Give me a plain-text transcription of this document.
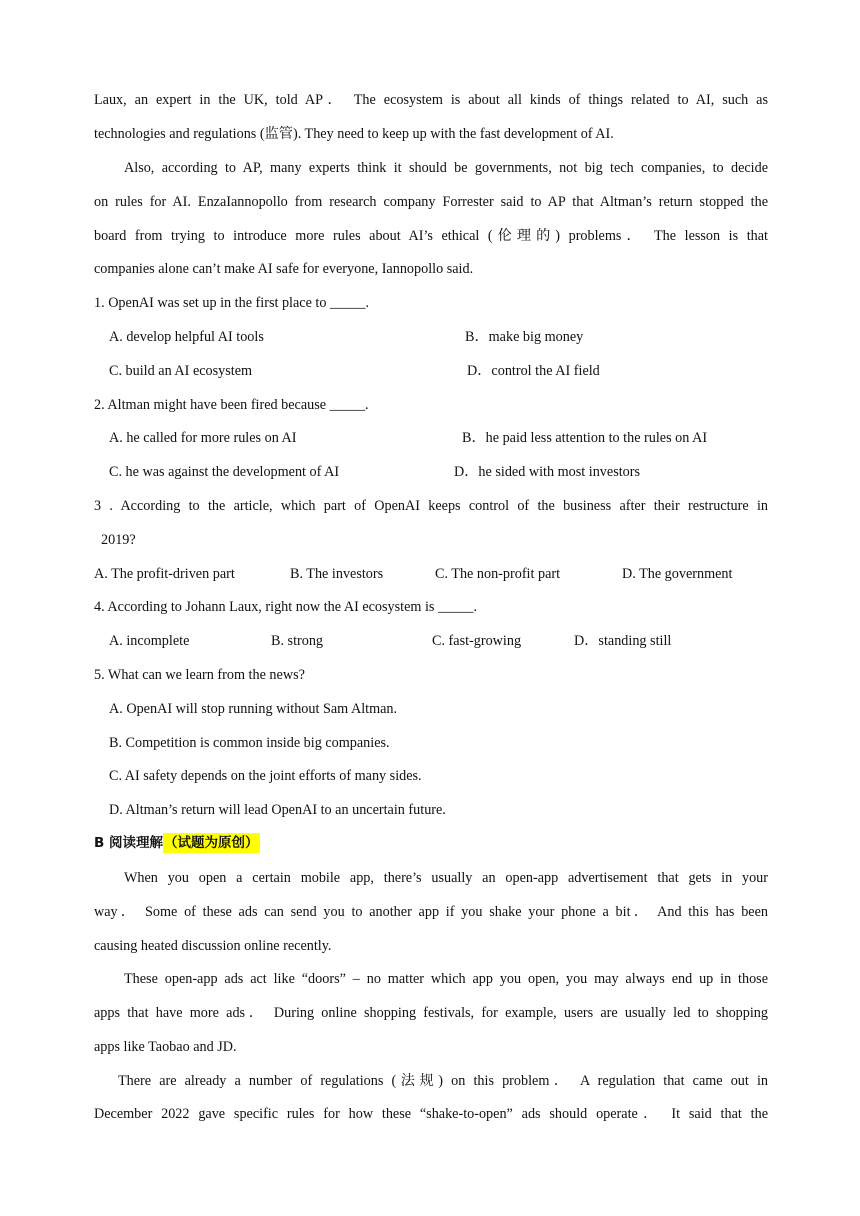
Laux, an expert in the UK, told AP． The ecosystem is about all kinds of things related to AI, such as
technologies and regulations (监管). They need to keep up with the fast development of AI.
Also, according to AP, many experts think it should be governments, not big tech companies, to decide
on rules for AI. EnzaIannopollo from research company Forrester said to AP that Altman’s return stopped the
board from trying to introduce more rules about AI’s ethical (伦理的) problems． The lesson is that
companies alone can’t make AI safe for everyone, Iannopollo said.
1. OpenAI was set up in the first place to _____.
A. develop helpful AI tools	B．make big money
C. build an AI ecosystem	D．control the AI field
2. Altman might have been fired because _____.
A. he called for more rules on AI	B．he paid less attention to the rules on AI
C. he was against the development of AI	D．he sided with most investors
3 . According to the article, which part of OpenAI keeps control of the business after their restructure in
2019?
A. The profit-driven part	B. The investors	C. The non-profit part	D. The government
4. According to Johann Laux, right now the AI ecosystem is _____.
A. incomplete	B. strong	C. fast-growing	D．standing still
5. What can we learn from the news?
A. OpenAI will stop running without Sam Altman.
B. Competition is common inside big companies.
C. AI safety depends on the joint efforts of many sides.
D. Altman’s return will lead OpenAI to an uncertain future.
B 阅读理解（试题为原创）
When you open a certain mobile app, there’s usually an open-app advertisement that gets in your
way． Some of these ads can send you to another app if you shake your phone a bit． And this has been
causing heated discussion online recently.
These open-app ads act like “doors” – no matter which app you open, you may always end up in those
apps that have more ads． During online shopping festivals, for example, users are usually led to shopping
apps like Taobao and JD.
There are already a number of regulations (法规) on this problem． A regulation that came out in
December 2022 gave specific rules for how these “shake-to-open” ads should operate． It said that the
